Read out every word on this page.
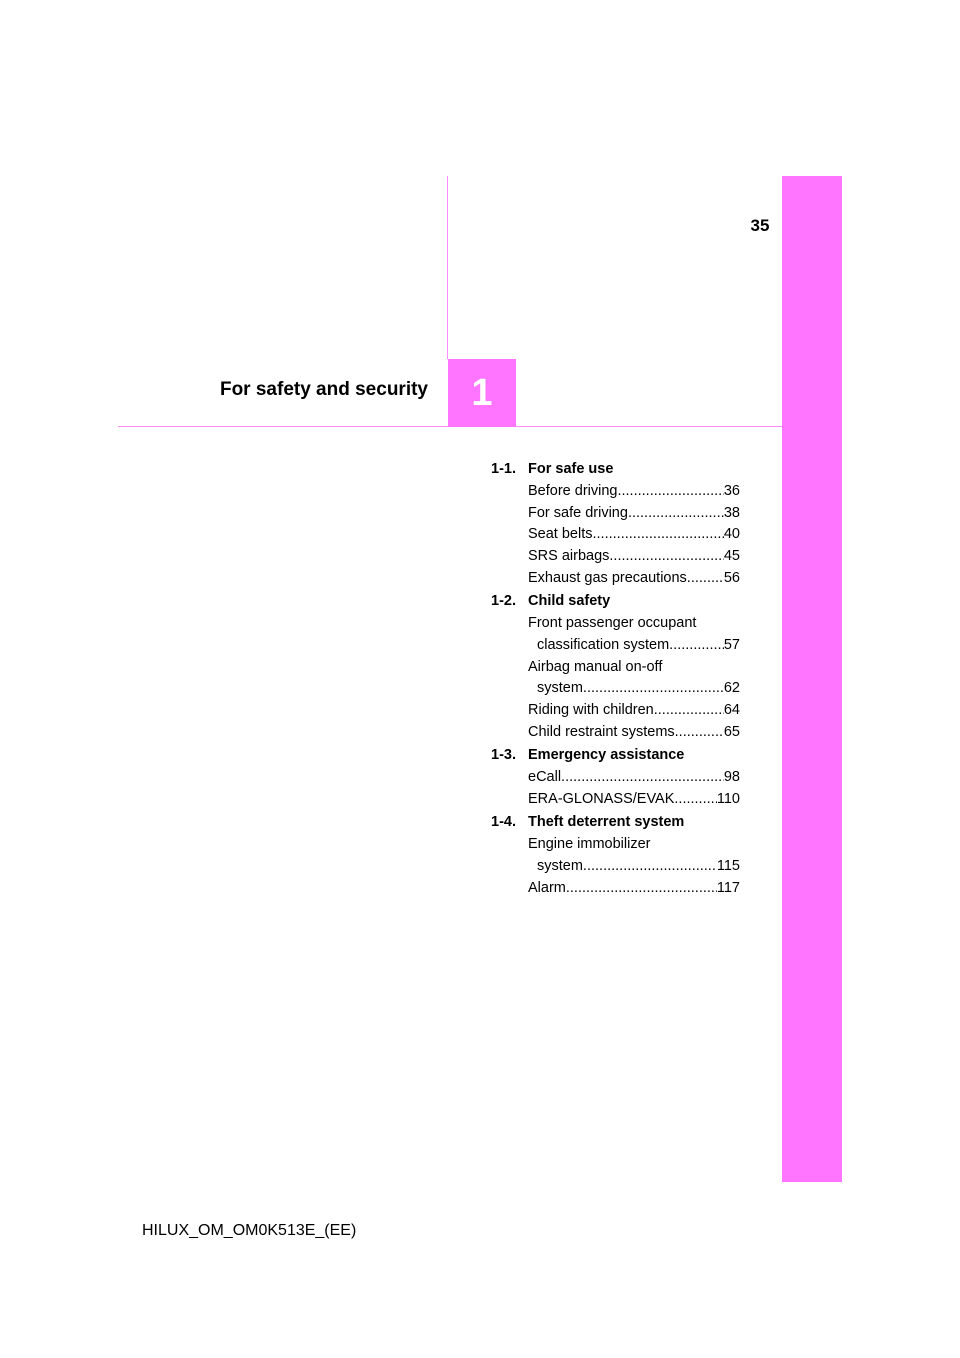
35
1
For safety and security
1-1. For safe use
Before driving .....	36
For safe driving .....	38
Seat belts .....	40
SRS airbags .....	45
Exhaust gas precautions .....	56
1-2. Child safety
Front passenger occupant
classification system .....	57
Airbag manual on-off
system .....	62
Riding with children .....	64
Child restraint systems .....	65
1-3. Emergency assistance
eCall .....	98
ERA-GLONASS/EVAK .....	110
1-4. Theft deterrent system
Engine immobilizer
system .....	115
Alarm .....	117
HILUX_OM_OM0K513E_(EE)
